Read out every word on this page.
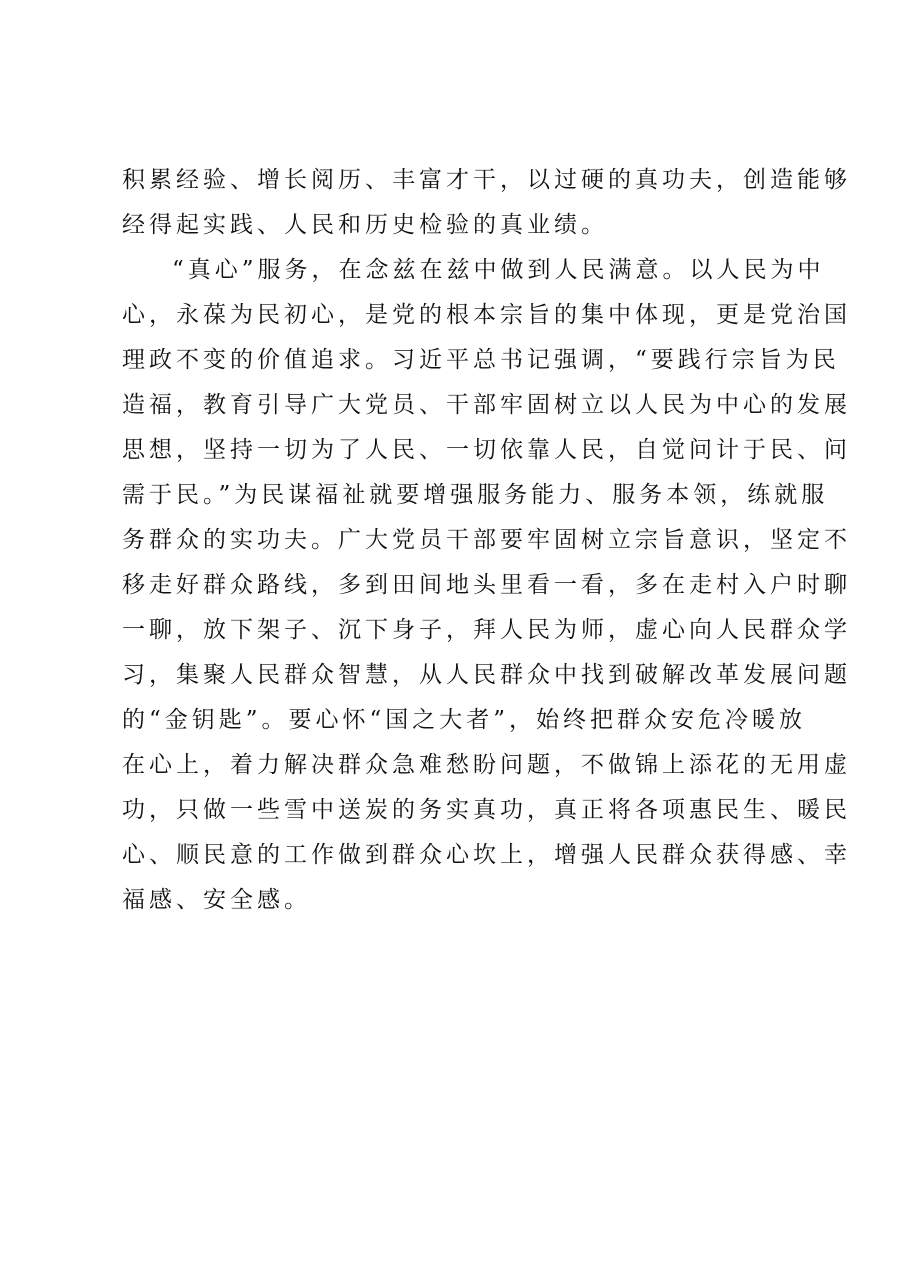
积累经验、增长阅历、丰富才干，以过硬的真功夫，创造能够
经得起实践、人民和历史检验的真业绩。
“真心”服务，在念兹在兹中做到人民满意。以人民为中
心，永葆为民初心，是党的根本宗旨的集中体现，更是党治国
理政不变的价值追求。习近平总书记强调，“要践行宗旨为民
造福，教育引导广大党员、干部牢固树立以人民为中心的发展
思想，坚持一切为了人民、一切依靠人民，自觉问计于民、问
需于民。”为民谋福祉就要增强服务能力、服务本领，练就服
务群众的实功夫。广大党员干部要牢固树立宗旨意识，坚定不
移走好群众路线，多到田间地头里看一看，多在走村入户时聊
一聊，放下架子、沉下身子，拜人民为师，虚心向人民群众学
习，集聚人民群众智慧，从人民群众中找到破解改革发展问题
的“金钥匙”。要心怀“国之大者”，始终把群众安危冷暖放
在心上，着力解决群众急难愁盼问题，不做锦上添花的无用虚
功，只做一些雪中送炭的务实真功，真正将各项惠民生、暖民
心、顺民意的工作做到群众心坎上，增强人民群众获得感、幸
福感、安全感。
